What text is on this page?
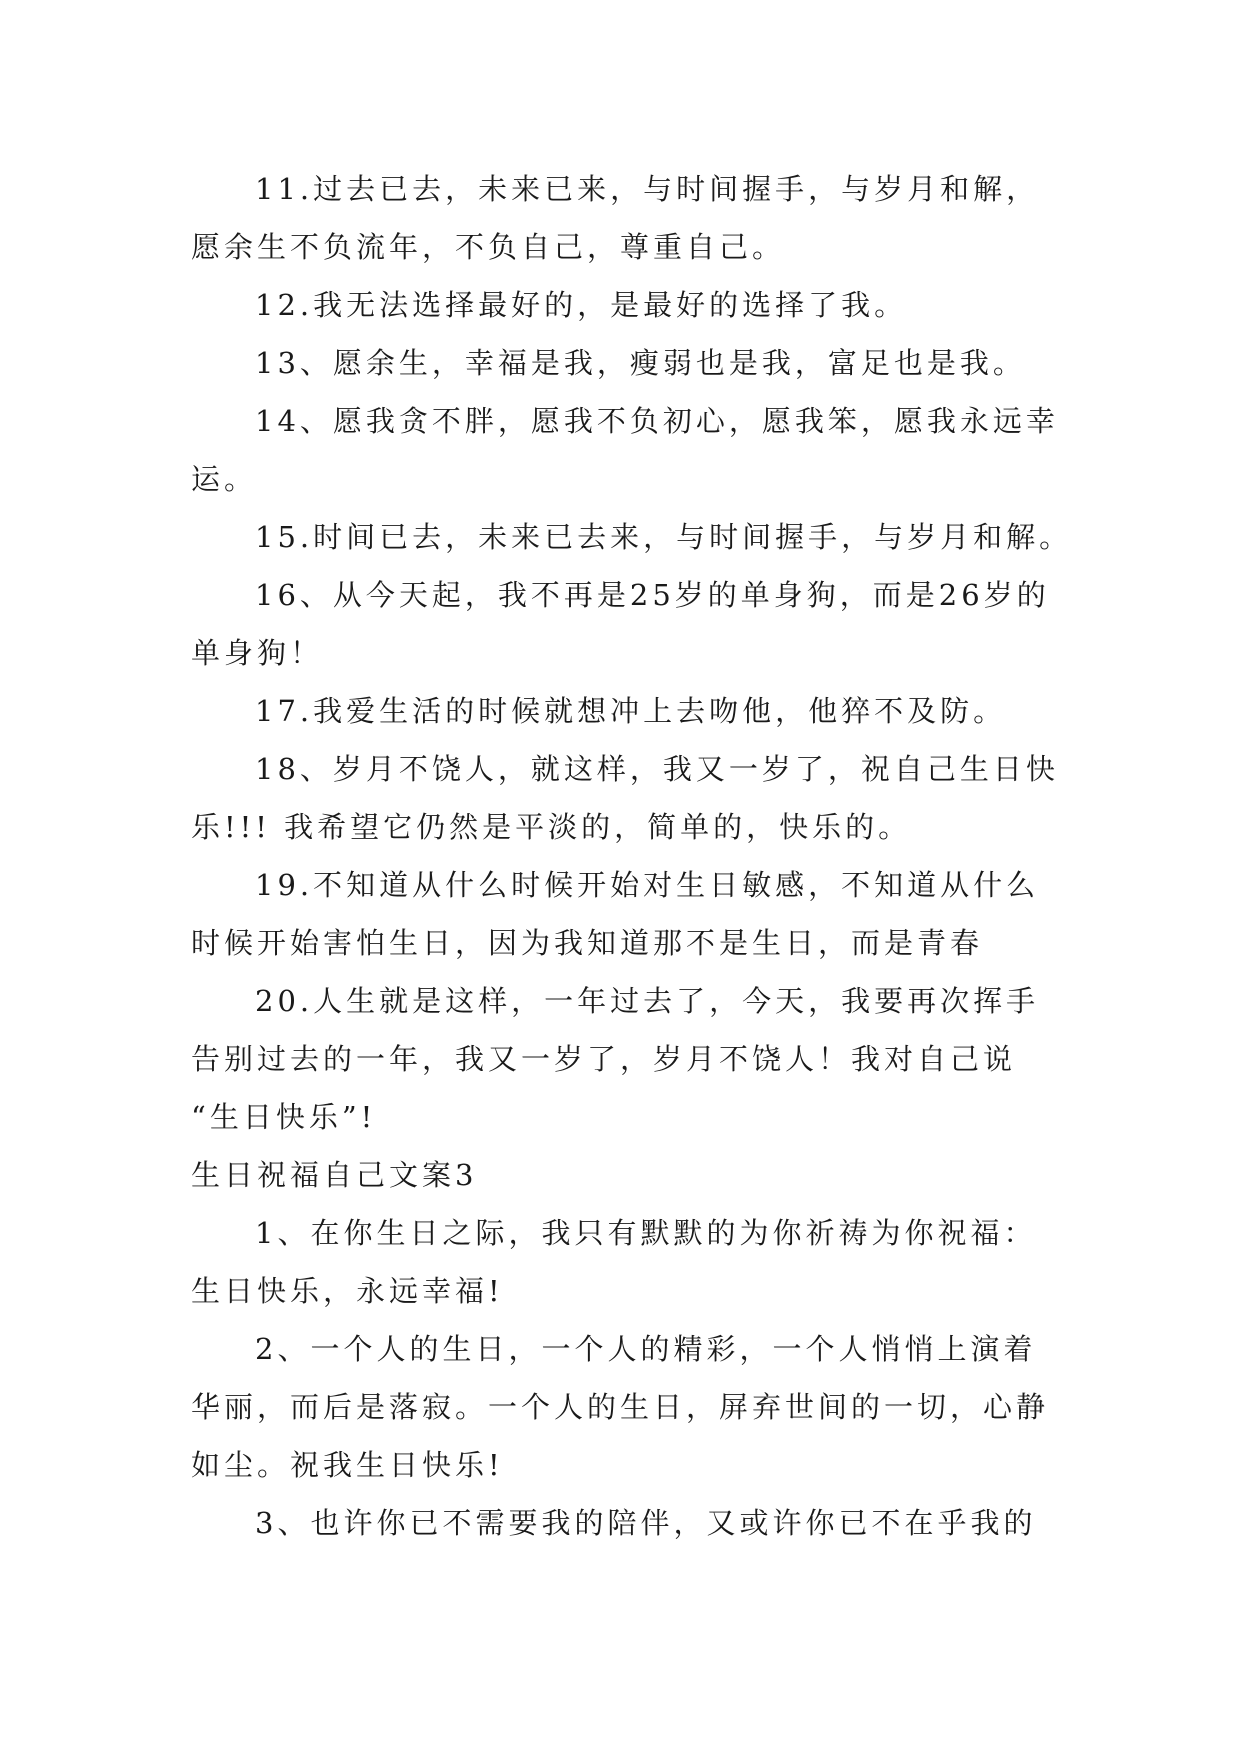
11.过去已去，未来已来，与时间握手，与岁月和解，
愿余生不负流年，不负自己，尊重自己。
12.我无法选择最好的，是最好的选择了我。
13、愿余生，幸福是我，瘦弱也是我，富足也是我。
14、愿我贪不胖，愿我不负初心，愿我笨，愿我永远幸
运。
15.时间已去，未来已去来，与时间握手，与岁月和解。
16、从今天起，我不再是25岁的单身狗，而是26岁的
单身狗！
17.我爱生活的时候就想冲上去吻他，他猝不及防。
18、岁月不饶人，就这样，我又一岁了，祝自己生日快
乐!!! 我希望它仍然是平淡的，简单的，快乐的。
19.不知道从什么时候开始对生日敏感，不知道从什么
时候开始害怕生日，因为我知道那不是生日，而是青春
20.人生就是这样，一年过去了，今天，我要再次挥手
告别过去的一年，我又一岁了，岁月不饶人！我对自己说
“生日快乐”!
生日祝福自己文案3
1、在你生日之际，我只有默默的为你祈祷为你祝福：
生日快乐，永远幸福!
2、一个人的生日，一个人的精彩，一个人悄悄上演着
华丽，而后是落寂。一个人的生日，屏弃世间的一切，心静
如尘。祝我生日快乐!
3、也许你已不需要我的陪伴，又或许你已不在乎我的
